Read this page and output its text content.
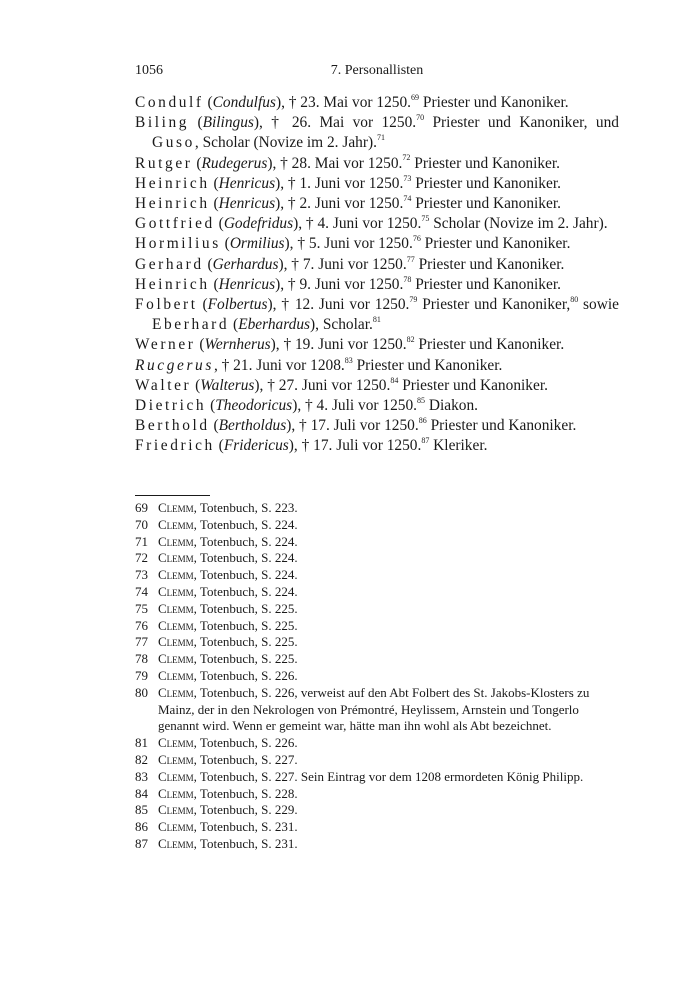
1056	7. Personallisten

Condulf (Condulfus), † 23. Mai vor 1250.69 Priester und Kanoniker.

Biling (Bilingus), † 26. Mai vor 1250.70 Priester und Kanoniker, und Guso, Scholar (Novize im 2. Jahr).$^{71}$

Rutger (Rudegerus), † 28. Mai vor 1250.72 Priester und Kanoniker.

Heinrich (Henricus), † 1. Juni vor 1250.73 Priester und Kanoniker.

Heinrich (Henricus), † 2. Juni vor 1250.74 Priester und Kanoniker.

Gottfried (Godefridus), † 4. Juni vor 1250.75 Scholar (Novize im 2. Jahr).

Hormilius (Ormilius), † 5. Juni vor 1250.76 Priester und Kanoniker.

Gerhard (Gerhardus), † 7. Juni vor 1250.77 Priester und Kanoniker.

Heinrich (Henricus), † 9. Juni vor 1250.78 Priester und Kanoniker.

Folbert (Folbertus), † 12. Juni vor 1250.79 Priester und Kanoniker,$^{80}$ sowie Eberhard (Eberhardus), Scholar.$^{81}$

Werner (Wernherus), † 19. Juni vor 1250.82 Priester und Kanoniker.

Rucgerus, † 21. Juni vor 1208.83 Priester und Kanoniker.

Walter (Walterus), † 27. Juni vor 1250.84 Priester und Kanoniker.

Dietrich (Theodoricus), † 4. Juli vor 1250.85 Diakon.

Berthold (Bertholdus), † 17. Juli vor 1250.86 Priester und Kanoniker.

Friedrich (Fridericus), † 17. Juli vor 1250.87 Kleriker.

69 Clemm, Totenbuch, S. 223.

70 Clemm, Totenbuch, S. 224.

71 Clemm, Totenbuch, S. 224.

72 Clemm, Totenbuch, S. 224.

73 Clemm, Totenbuch, S. 224.

74 Clemm, Totenbuch, S. 224.

75 Clemm, Totenbuch, S. 225.

76 Clemm, Totenbuch, S. 225.

77 Clemm, Totenbuch, S. 225.

78 Clemm, Totenbuch, S. 225.

79 Clemm, Totenbuch, S. 226.

80 Clemm, Totenbuch, S. 226, verweist auf den Abt Folbert des St. Jakobs-Klosters zu Mainz, der in den Nekrologen von Prémontré, Heylissem, Arnstein und Tongerlo genannt wird. Wenn er gemeint war, hätte man ihn wohl als Abt bezeichnet.

81 Clemm, Totenbuch, S. 226.

82 Clemm, Totenbuch, S. 227.

83 Clemm, Totenbuch, S. 227. Sein Eintrag vor dem 1208 ermordeten König Philipp.

84 Clemm, Totenbuch, S. 228.

85 Clemm, Totenbuch, S. 229.

86 Clemm, Totenbuch, S. 231.

87 Clemm, Totenbuch, S. 231.
